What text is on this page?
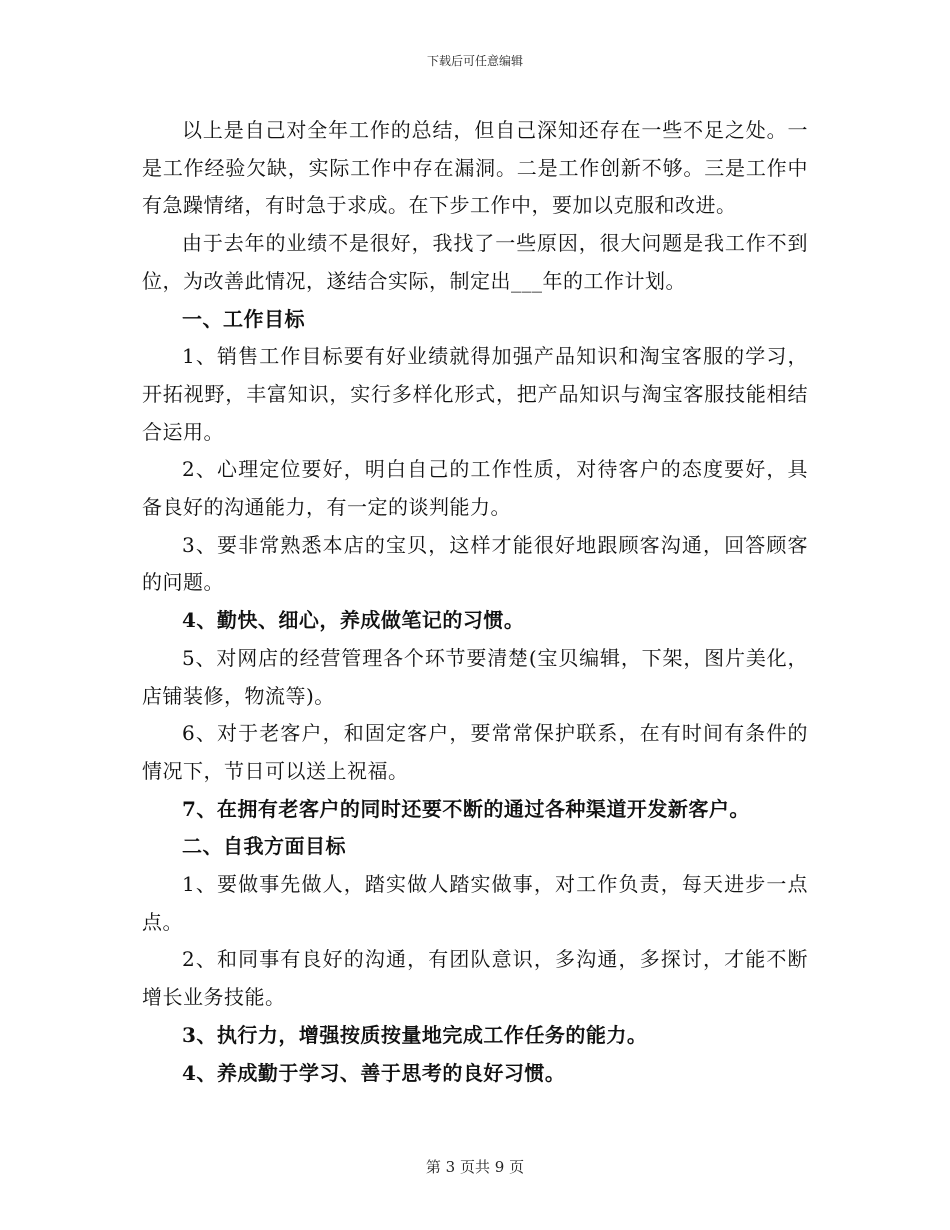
下载后可任意编辑

以上是自己对全年工作的总结，但自己深知还存在一些不足之处。一是工作经验欠缺，实际工作中存在漏洞。二是工作创新不够。三是工作中有急躁情绪，有时急于求成。在下步工作中，要加以克服和改进。

由于去年的业绩不是很好，我找了一些原因，很大问题是我工作不到位，为改善此情况，遂结合实际，制定出___年的工作计划。

一、工作目标

1、销售工作目标要有好业绩就得加强产品知识和淘宝客服的学习，开拓视野，丰富知识，实行多样化形式，把产品知识与淘宝客服技能相结合运用。

2、心理定位要好，明白自己的工作性质，对待客户的态度要好，具备良好的沟通能力，有一定的谈判能力。

3、要非常熟悉本店的宝贝，这样才能很好地跟顾客沟通，回答顾客的问题。

4、勤快、细心，养成做笔记的习惯。

5、对网店的经营管理各个环节要清楚(宝贝编辑，下架，图片美化，店铺装修，物流等)。

6、对于老客户，和固定客户，要常常保护联系，在有时间有条件的情况下，节日可以送上祝福。

7、在拥有老客户的同时还要不断的通过各种渠道开发新客户。

二、自我方面目标

1、要做事先做人，踏实做人踏实做事，对工作负责，每天进步一点点。

2、和同事有良好的沟通，有团队意识，多沟通，多探讨，才能不断增长业务技能。

3、执行力，增强按质按量地完成工作任务的能力。

4、养成勤于学习、善于思考的良好习惯。

第 3 页共 9 页
